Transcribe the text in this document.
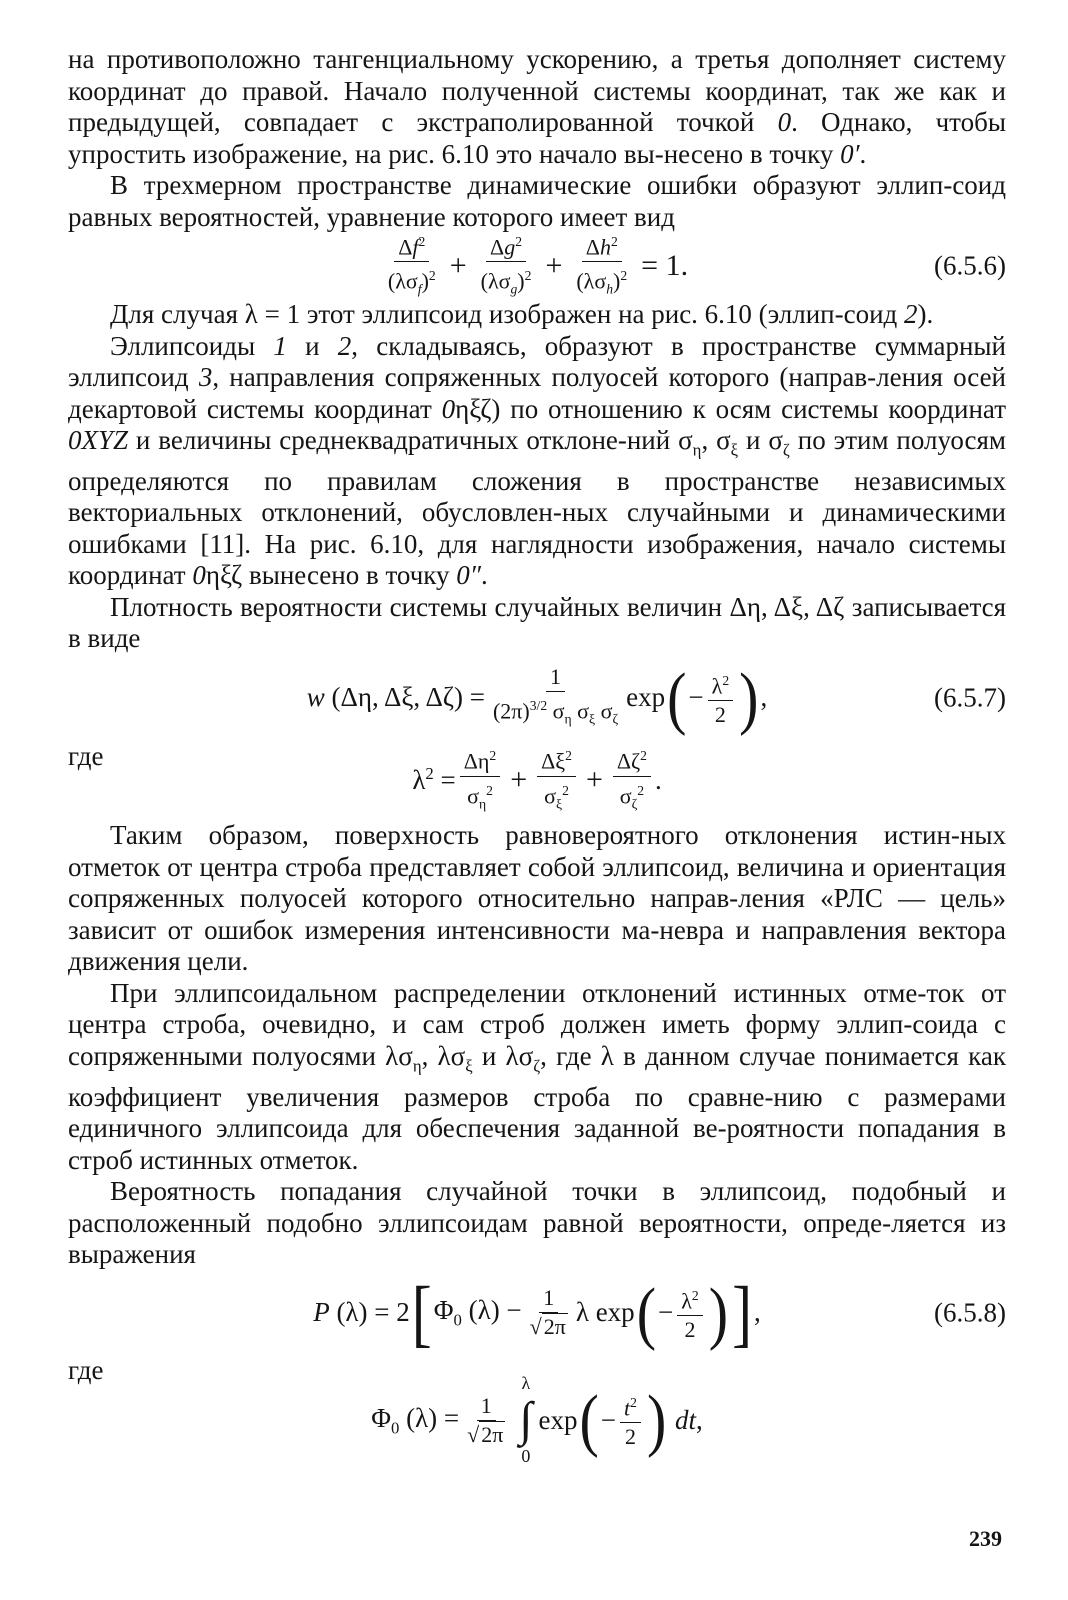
на противоположно тангенциальному ускорению, а третья дополняет систему координат до правой. Начало полученной системы координат, так же как и предыдущей, совпадает с экстраполированной точкой 0. Однако, чтобы упростить изображение, на рис. 6.10 это начало вы-несено в точку 0′.

В трехмерном пространстве динамические ошибки образуют эллип-соид равных вероятностей, уравнение которого имеет вид

$\frac{\Delta f^2}{(\lambda\sigma_f)^2} + \frac{\Delta g^2}{(\lambda\sigma_g)^2} + \frac{\Delta h^2}{(\lambda\sigma_h)^2} = 1$.	(6.5.6)

Для случая λ = 1 этот эллипсоид изображен на рис. 6.10 (эллип-соид 2).

Эллипсоиды 1 и 2, складываясь, образуют в пространстве суммарный эллипсоид 3, направления сопряженных полуосей которого (направ-ления осей декартовой системы координат 0ηξζ) по отношению к осям системы координат 0XYZ и величины среднеквадратичных отклоне-ний $\sigma_\eta$, $\sigma_\xi$ и $\sigma_\zeta$ по этим полуосям определяются по правилам сложения в пространстве независимых векториальных отклонений, обусловлен-ных случайными и динамическими ошибками [11]. На рис. 6.10, для наглядности изображения, начало системы координат 0ηξζ вынесено в точку 0″.

Плотность вероятности системы случайных величин Δη, Δξ, Δζ записывается в виде

w (Δη, Δξ, $\Delta\zeta) = \frac{1}{(2\pi)^{3/2} \sigma_\eta \sigma_\xi \sigma_\zeta}$ exp ( − $\frac{\lambda^2}{2}$ ) ,	(6.5.7)

где

$\lambda^2 = \frac{\Delta\eta^2}{\sigma_\eta^2} + \frac{\Delta\xi^2}{\sigma_\xi^2} + \frac{\Delta\zeta^2}{\sigma_\zeta^2}$ .

Таким образом, поверхность равновероятного отклонения истин-ных отметок от центра строба представляет собой эллипсоид, величина и ориентация сопряженных полуосей которого относительно направ-ления «РЛС — цель» зависит от ошибок измерения интенсивности ма-невра и направления вектора движения цели.

При эллипсоидальном распределении отклонений истинных отме-ток от центра строба, очевидно, и сам строб должен иметь форму эллип-соида с сопряженными полуосями $\lambda\sigma_\eta$, $\lambda\sigma_\xi$ и $\lambda\sigma_\zeta$, где λ в данном случае понимается как коэффициент увеличения размеров строба по сравне-нию с размерами единичного эллипсоида для обеспечения заданной ве-роятности попадания в строб истинных отметок.

Вероятность попадания случайной точки в эллипсоид, подобный и расположенный подобно эллипсоидам равной вероятности, опреде-ляется из выражения

P (λ) = 2 [ $\Phi_0$ $(\lambda) - \frac{1}{√2\pi}$ λ exp ( − $\frac{\lambda^2}{2}$ ) ] ,	(6.5.8)

где

$\Phi_0$ $(\lambda) = \frac{1}{√2\pi}$
λ
∫
0
exp ( − $\frac{t^2}{2}$ ) dt,
239
